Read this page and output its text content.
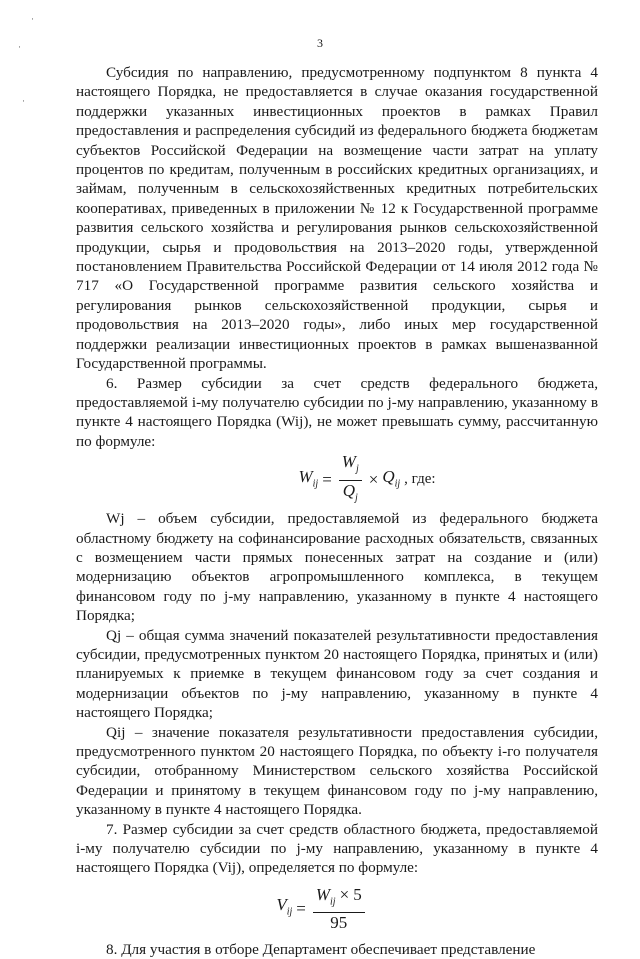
·
·
·
3

Субсидия по направлению, предусмотренному подпунктом 8 пункта 4 настоящего Порядка, не предоставляется в случае оказания государственной поддержки указанных инвестиционных проектов в рамках Правил предоставления и распределения субсидий из федерального бюджета бюджетам субъектов Российской Федерации на возмещение части затрат на уплату процентов по кредитам, полученным в российских кредитных организациях, и займам, полученным в сельскохозяйственных кредитных потребительских кооперативах, приведенных в приложении № 12 к Государственной программе развития сельского хозяйства и регулирования рынков сельскохозяйственной продукции, сырья и продовольствия на 2013–2020 годы, утвержденной постановлением Правительства Российской Федерации от 14 июля 2012 года № 717 «О Государственной программе развития сельского хозяйства и регулирования рынков сельскохозяйственной продукции, сырья и продовольствия на 2013–2020 годы», либо иных мер государственной поддержки реализации инвестиционных проектов в рамках вышеназванной Государственной программы.

6. Размер субсидии за счет средств федерального бюджета, предоставляемой i-му получателю субсидии по j-му направлению, указанному в пункте 4 настоящего Порядка (Wij), не может превышать сумму, рассчитанную по формуле:

$W_{ij} = \frac{W_j}{Q_j} \times Q_{ij}$ , где:

Wj – объем субсидии, предоставляемой из федерального бюджета областному бюджету на софинансирование расходных обязательств, связанных с возмещением части прямых понесенных затрат на создание и (или) модернизацию объектов агропромышленного комплекса, в текущем финансовом году по j-му направлению, указанному в пункте 4 настоящего Порядка;

Qj – общая сумма значений показателей результативности предоставления субсидии, предусмотренных пунктом 20 настоящего Порядка, принятых и (или) планируемых к приемке в текущем финансовом году за счет создания и модернизации объектов по j-му направлению, указанному в пункте 4 настоящего Порядка;

Qij – значение показателя результативности предоставления субсидии, предусмотренного пунктом 20 настоящего Порядка, по объекту i-го получателя субсидии, отобранному Министерством сельского хозяйства Российской Федерации и принятому в текущем финансовом году по j-му направлению, указанному в пункте 4 настоящего Порядка.

7. Размер субсидии за счет средств областного бюджета, предоставляемой i-му получателю субсидии по j-му направлению, указанному в пункте 4 настоящего Порядка (Vij), определяется по формуле:

$V_{ij} = \frac{W_{ij} \times 5}{95}$

8. Для участия в отборе Департамент обеспечивает представление
